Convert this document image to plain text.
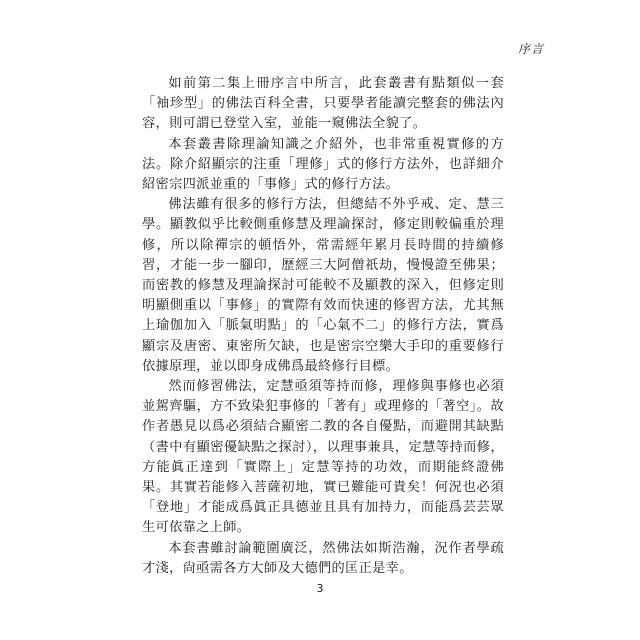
序言

如前第二集上冊序言中所言，此套叢書有點類似一套「袖珍型」的佛法百科全書，只要學者能讀完整套的佛法內容，則可謂已登堂入室，並能一窺佛法全貌了。

本套叢書除理論知識之介紹外，也非常重視實修的方法。除介紹顯宗的注重「理修」式的修行方法外，也詳細介紹密宗四派並重的「事修」式的修行方法。

佛法雖有很多的修行方法，但總結不外乎戒、定、慧三學。顯教似乎比較側重修慧及理論探討，修定則較偏重於理修，所以除禪宗的頓悟外，常需經年累月長時間的持續修習，才能一步一腳印，歷經三大阿僧祇劫，慢慢證至佛果；而密教的修慧及理論探討可能較不及顯教的深入，但修定則明顯側重以「事修」的實際有效而快速的修習方法，尤其無上瑜伽加入「脈氣明點」的「心氣不二」的修行方法，實爲顯宗及唐密、東密所欠缺，也是密宗空樂大手印的重要修行依據原理，並以即身成佛爲最終修行目標。

然而修習佛法，定慧亟須等持而修，理修與事修也必須並駕齊驅，方不致染犯事修的「著有」或理修的「著空」。故作者愚見以爲必須結合顯密二教的各自優點，而避開其缺點（書中有顯密優缺點之探討），以理事兼具，定慧等持而修，方能眞正達到「實際上」定慧等持的功效，而期能終證佛果。其實若能修入菩薩初地，實已難能可貴矣！何況也必須「登地」才能成爲眞正具德並且具有加持力，而能爲芸芸眾生可依靠之上師。

本套書雖討論範圍廣泛，然佛法如斯浩瀚，況作者學疏才淺，尙亟需各方大師及大德們的匡正是幸。

3
